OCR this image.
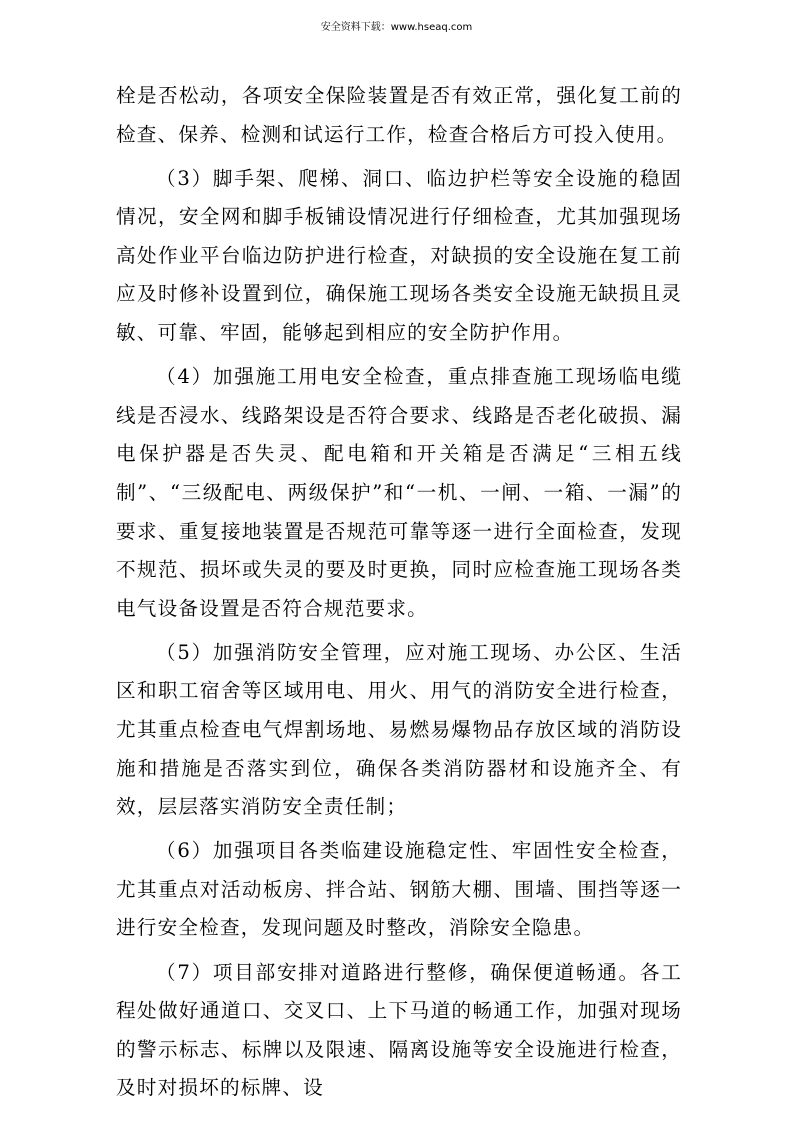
安全资料下载：www.hseaq.com

栓是否松动，各项安全保险装置是否有效正常，强化复工前的检查、保养、检测和试运行工作，检查合格后方可投入使用。

（3）脚手架、爬梯、洞口、临边护栏等安全设施的稳固情况，安全网和脚手板铺设情况进行仔细检查，尤其加强现场高处作业平台临边防护进行检查，对缺损的安全设施在复工前应及时修补设置到位，确保施工现场各类安全设施无缺损且灵敏、可靠、牢固，能够起到相应的安全防护作用。

（4）加强施工用电安全检查，重点排查施工现场临电缆线是否浸水、线路架设是否符合要求、线路是否老化破损、漏电保护器是否失灵、配电箱和开关箱是否满足“三相五线制”、“三级配电、两级保护”和“一机、一闸、一箱、一漏”的要求、重复接地装置是否规范可靠等逐一进行全面检查，发现不规范、损坏或失灵的要及时更换，同时应检查施工现场各类电气设备设置是否符合规范要求。

（5）加强消防安全管理，应对施工现场、办公区、生活区和职工宿舍等区域用电、用火、用气的消防安全进行检查，尤其重点检查电气焊割场地、易燃易爆物品存放区域的消防设施和措施是否落实到位，确保各类消防器材和设施齐全、有效，层层落实消防安全责任制；

（6）加强项目各类临建设施稳定性、牢固性安全检查，尤其重点对活动板房、拌合站、钢筋大棚、围墙、围挡等逐一进行安全检查，发现问题及时整改，消除安全隐患。

（7）项目部安排对道路进行整修，确保便道畅通。各工程处做好通道口、交叉口、上下马道的畅通工作，加强对现场的警示标志、标牌以及限速、隔离设施等安全设施进行检查，及时对损坏的标牌、设
